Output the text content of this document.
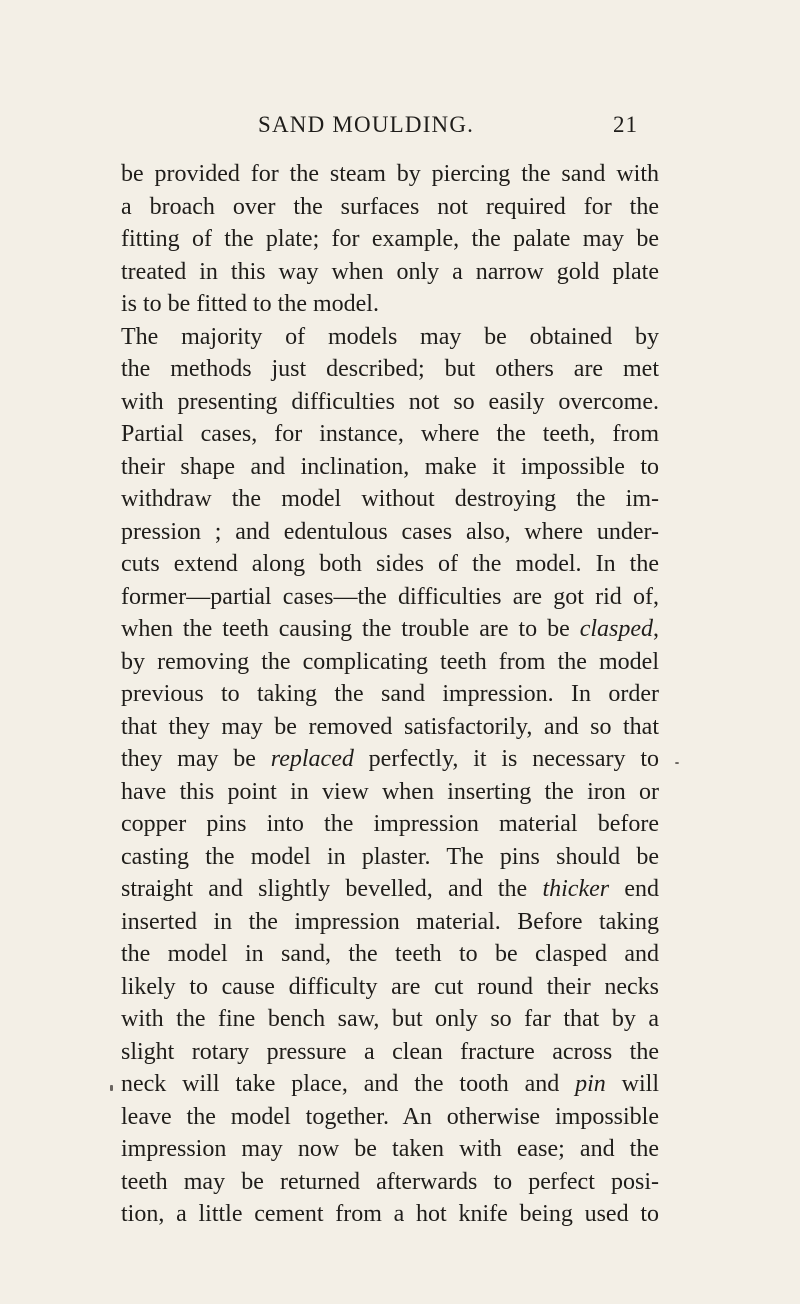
SAND MOULDING.	21
be provided for the steam by piercing the sand with
a broach over the surfaces not required for the
fitting of the plate; for example, the palate may be
treated in this way when only a narrow gold plate
is to be fitted to the model.
The majority of models may be obtained by
the methods just described; but others are met
with presenting difficulties not so easily overcome.
Partial cases, for instance, where the teeth, from
their shape and inclination, make it impossible to
withdraw the model without destroying the im-
pression ; and edentulous cases also, where under-
cuts extend along both sides of the model. In the
former—partial cases—the difficulties are got rid of,
when the teeth causing the trouble are to be clasped,
by removing the complicating teeth from the model
previous to taking the sand impression. In order
that they may be removed satisfactorily, and so that
they may be replaced perfectly, it is necessary to
have this point in view when inserting the iron or
copper pins into the impression material before
casting the model in plaster. The pins should be
straight and slightly bevelled, and the thicker end
inserted in the impression material. Before taking
the model in sand, the teeth to be clasped and
likely to cause difficulty are cut round their necks
with the fine bench saw, but only so far that by a
slight rotary pressure a clean fracture across the
neck will take place, and the tooth and pin will
leave the model together. An otherwise impossible
impression may now be taken with ease; and the
teeth may be returned afterwards to perfect posi-
tion, a little cement from a hot knife being used to
